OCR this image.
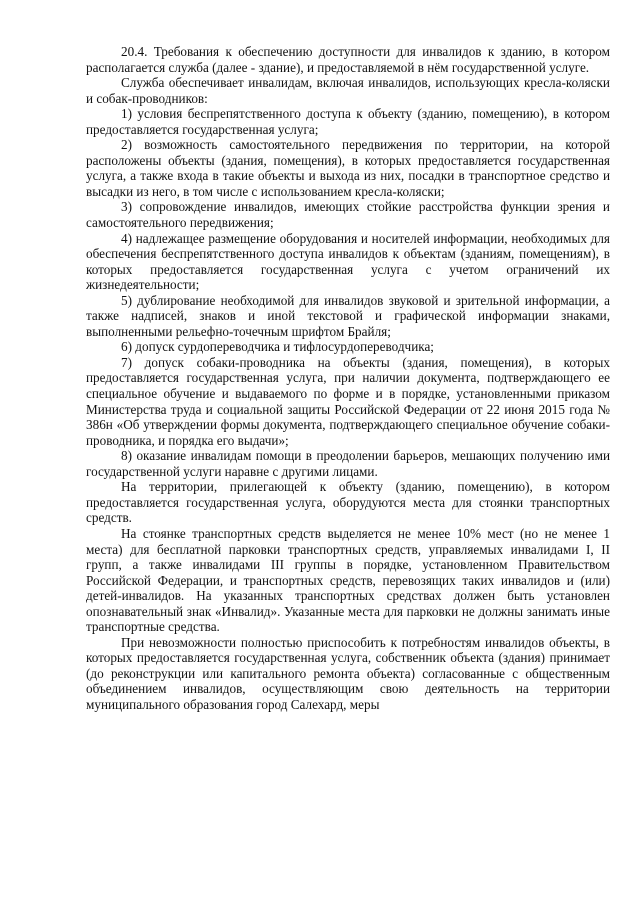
20.4. Требования к обеспечению доступности для инвалидов к зданию, в котором располагается служба (далее - здание), и предоставляемой в нём государственной услуге.

Служба обеспечивает инвалидам, включая инвалидов, использующих кресла-коляски и собак-проводников:

1) условия беспрепятственного доступа к объекту (зданию, помещению), в котором предоставляется государственная услуга;

2) возможность самостоятельного передвижения по территории, на которой расположены объекты (здания, помещения), в которых предоставляется государственная услуга, а также входа в такие объекты и выхода из них, посадки в транспортное средство и высадки из него, в том числе с использованием кресла-коляски;

3) сопровождение инвалидов, имеющих стойкие расстройства функции зрения и самостоятельного передвижения;

4) надлежащее размещение оборудования и носителей информации, необходимых для обеспечения беспрепятственного доступа инвалидов к объектам (зданиям, помещениям), в которых предоставляется государственная услуга с учетом ограничений их жизнедеятельности;

5) дублирование необходимой для инвалидов звуковой и зрительной информации, а также надписей, знаков и иной текстовой и графической информации знаками, выполненными рельефно-точечным шрифтом Брайля;

6) допуск сурдопереводчика и тифлосурдопереводчика;

7) допуск собаки-проводника на объекты (здания, помещения), в которых предоставляется государственная услуга, при наличии документа, подтверждающего ее специальное обучение и выдаваемого по форме и в порядке, установленными приказом Министерства труда и социальной защиты Российской Федерации от 22 июня 2015 года № 386н «Об утверждении формы документа, подтверждающего специальное обучение собаки-проводника, и порядка его выдачи»;

8) оказание инвалидам помощи в преодолении барьеров, мешающих получению ими государственной услуги наравне с другими лицами.

На территории, прилегающей к объекту (зданию, помещению), в котором предоставляется государственная услуга, оборудуются места для стоянки транспортных средств.

На стоянке транспортных средств выделяется не менее 10% мест (но не менее 1 места) для бесплатной парковки транспортных средств, управляемых инвалидами I, II групп, а также инвалидами III группы в порядке, установленном Правительством Российской Федерации, и транспортных средств, перевозящих таких инвалидов и (или) детей-инвалидов. На указанных транспортных средствах должен быть установлен опознавательный знак «Инвалид». Указанные места для парковки не должны занимать иные транспортные средства.

При невозможности полностью приспособить к потребностям инвалидов объекты, в которых предоставляется государственная услуга, собственник объекта (здания) принимает (до реконструкции или капитального ремонта объекта) согласованные с общественным объединением инвалидов, осуществляющим свою деятельность на территории муниципального образования город Салехард, меры
